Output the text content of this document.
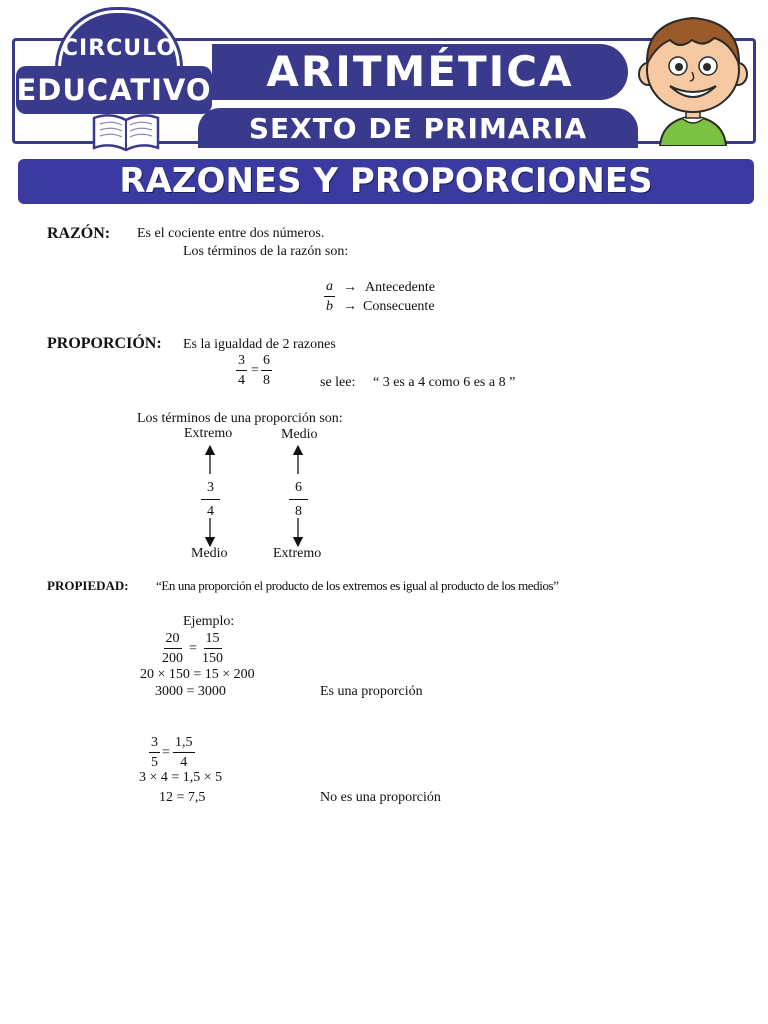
CIRCULO
EDUCATIVO	ARITMÉTICA
SEXTO DE PRIMARIA
RAZONES Y PROPORCIONES
RAZÓN: Es el cociente entre dos números.
Los términos de la razón son:
$\frac{a}{b}$ → Antecedente
→ Consecuente
PROPORCIÓN: Es la igualdad de 2 razones
$\frac{3}{4} = \frac{6}{8}$	se lee: “ 3 es a 4 como 6 es a 8 ”
Los términos de una proporción son:
Extremo	Medio
$\frac{3}{4}$	$\frac{6}{8}$
Medio	Extremo
PROPIEDAD: “En una proporción el producto de los extremos es igual al producto de los medios”
Ejemplo:
$\frac{20}{200} = \frac{15}{150}$
20 × 150 = 15 × 200
3000 = 3000	Es una proporción
$\frac{3}{5} = \frac{1,5}{4}$
3 × 4 = 1,5 × 5
12 = 7,5	No es una proporción
